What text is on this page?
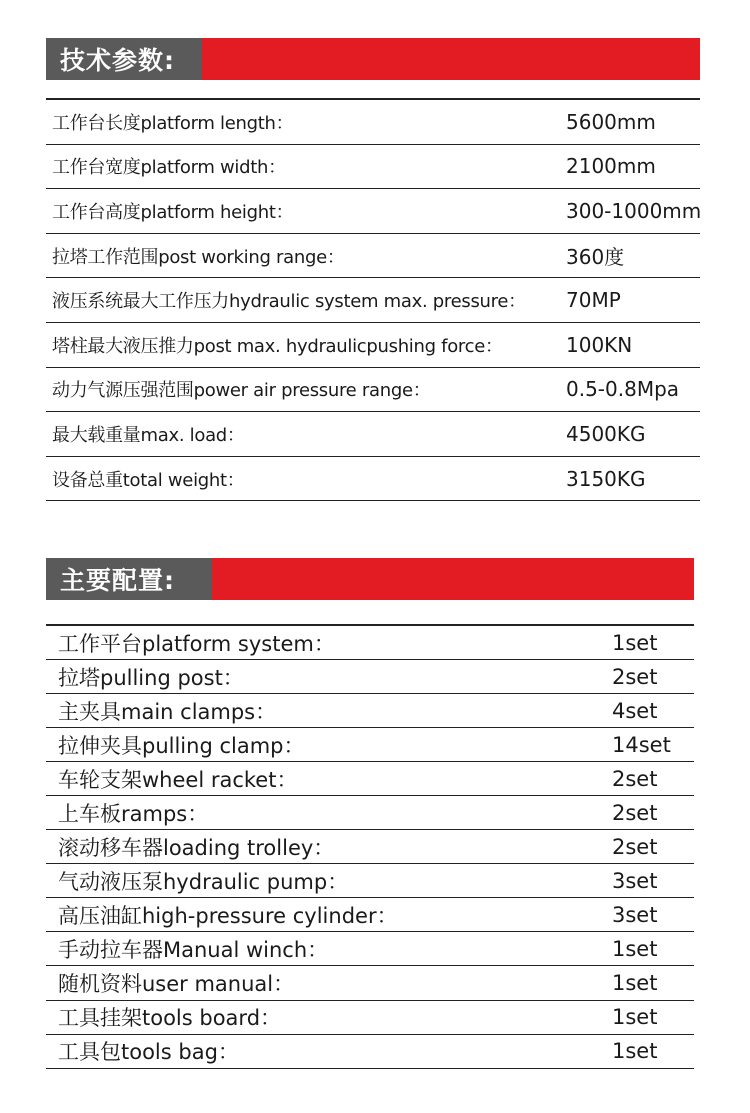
技术参数:
工作台长度platform length：	5600mm
工作台宽度platform width：	2100mm
工作台高度platform height：	300-1000mm
拉塔工作范围post working range：	360度
液压系统最大工作压力hydraulic system max. pressure： 70MP
塔柱最大液压推力post max. hydraulicpushing force：	100KN
动力气源压强范围power air pressure range：	0.5-0.8Mpa
最大载重量max. load：	4500KG
设备总重total weight：	3150KG
主要配置:
工作平台platform system：	1set
拉塔pulling post：	2set
主夹具main clamps：	4set
拉伸夹具pulling clamp：	14set
车轮支架wheel racket：	2set
上车板ramps：	2set
滚动移车器loading trolley：	2set
气动液压泵hydraulic pump：	3set
高压油缸high-pressure cylinder：	3set
手动拉车器Manual winch：	1set
随机资料user manual：	1set
工具挂架tools board：	1set
工具包tools bag：	1set
